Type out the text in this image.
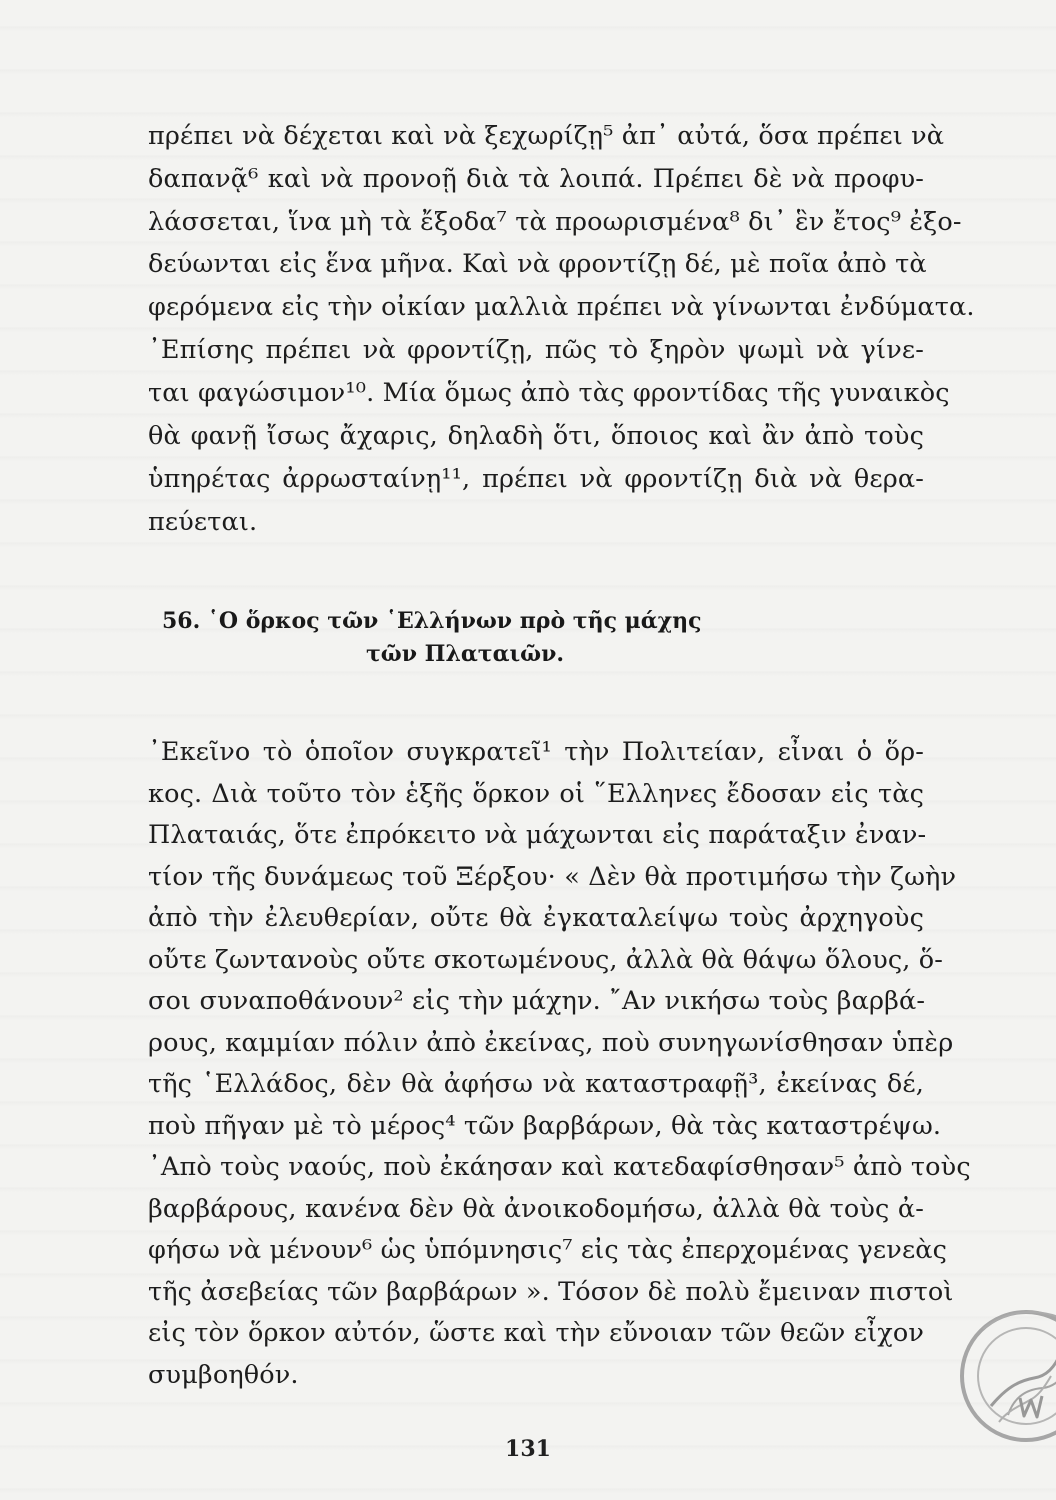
πρέπει νὰ δέχεται καὶ νὰ ξεχωρίζῃ⁵ ἀπ᾽ αὐτά, ὅσα πρέπει νὰ
δαπανᾷ⁶ καὶ νὰ προνοῇ διὰ τὰ λοιπά. Πρέπει δὲ νὰ προφυ-
λάσσεται, ἵνα μὴ τὰ ἔξοδα⁷ τὰ προωρισμένα⁸ δι᾽ ἓν ἔτος⁹ ἐξο-
δεύωνται εἰς ἕνα μῆνα. Καὶ νὰ φροντίζῃ δέ, μὲ ποῖα ἀπὸ τὰ
φερόμενα εἰς τὴν οἰκίαν μαλλιὰ πρέπει νὰ γίνωνται ἐνδύματα.
᾽Επίσης πρέπει νὰ φροντίζῃ, πῶς τὸ ξηρὸν ψωμὶ νὰ γίνε-
ται φαγώσιμον¹⁰. Μία ὅμως ἀπὸ τὰς φροντίδας τῆς γυναικὸς
θὰ φανῇ ἴσως ἄχαρις, δηλαδὴ ὅτι, ὅποιος καὶ ἂν ἀπὸ τοὺς
ὑπηρέτας ἀρρωσταίνῃ¹¹, πρέπει νὰ φροντίζῃ διὰ νὰ θερα-
πεύεται.
56. ῾Ο ὅρκος τῶν ῾Ελλήνων πρὸ τῆς μάχης
τῶν Πλαταιῶν.
᾽Εκεῖνο τὸ ὁποῖον συγκρατεῖ¹ τὴν Πολιτείαν, εἶναι ὁ ὅρ-
κος. Διὰ τοῦτο τὸν ἑξῆς ὅρκον οἱ ῞Ελληνες ἔδοσαν εἰς τὰς
Πλαταιάς, ὅτε ἐπρόκειτο νὰ μάχωνται εἰς παράταξιν ἐναν-
τίον τῆς δυνάμεως τοῦ Ξέρξου· « Δὲν θὰ προτιμήσω τὴν ζωὴν
ἀπὸ τὴν ἐλευθερίαν, οὔτε θὰ ἐγκαταλείψω τοὺς ἀρχηγοὺς
οὔτε ζωντανοὺς οὔτε σκοτωμένους, ἀλλὰ θὰ θάψω ὅλους, ὅ-
σοι συναποθάνουν² εἰς τὴν μάχην. ῎Αν νικήσω τοὺς βαρβά-
ρους, καμμίαν πόλιν ἀπὸ ἐκείνας, ποὺ συνηγωνίσθησαν ὑπὲρ
τῆς ῾Ελλάδος, δὲν θὰ ἀφήσω νὰ καταστραφῇ³, ἐκείνας δέ,
ποὺ πῆγαν μὲ τὸ μέρος⁴ τῶν βαρβάρων, θὰ τὰς καταστρέψω.
᾽Απὸ τοὺς ναούς, ποὺ ἐκάησαν καὶ κατεδαφίσθησαν⁵ ἀπὸ τοὺς
βαρβάρους, κανένα δὲν θὰ ἀνοικοδομήσω, ἀλλὰ θὰ τοὺς ἀ-
φήσω νὰ μένουν⁶ ὡς ὑπόμνησις⁷ εἰς τὰς ἐπερχομένας γενεὰς
τῆς ἀσεβείας τῶν βαρβάρων ». Τόσον δὲ πολὺ ἔμειναν πιστοὶ
εἰς τὸν ὅρκον αὐτόν, ὥστε καὶ τὴν εὔνοιαν τῶν θεῶν εἶχον
συμβοηθόν.
131
